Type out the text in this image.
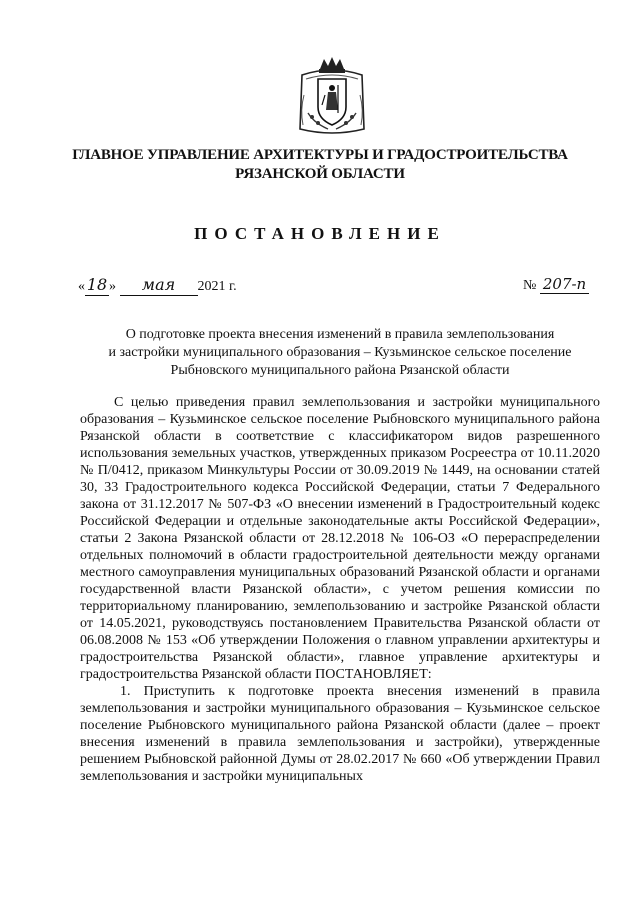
ГЛАВНОЕ УПРАВЛЕНИЕ АРХИТЕКТУРЫ И ГРАДОСТРОИТЕЛЬСТВА
РЯЗАНСКОЙ ОБЛАСТИ
ПОСТАНОВЛЕНИЕ
« 18 » мая 2021 г.	№ 207-п
О подготовке проекта внесения изменений в правила землепользования
и застройки муниципального образования – Кузьминское сельское поселение
Рыбновского муниципального района Рязанской области

С целью приведения правил землепользования и застройки муниципального образования – Кузьминское сельское поселение Рыбновского муниципального района Рязанской области в соответствие с классификатором видов разрешенного использования земельных участков, утвержденных приказом Росреестра от 10.11.2020 № П/0412, приказом Минкультуры России от 30.09.2019 № 1449, на основании статей 30, 33 Градостроительного кодекса Российской Федерации, статьи 7 Федерального закона от 31.12.2017 № 507-ФЗ «О внесении изменений в Градостроительный кодекс Российской Федерации и отдельные законодательные акты Российской Федерации», статьи 2 Закона Рязанской области от 28.12.2018 № 106-ОЗ «О перераспределении отдельных полномочий в области градостроительной деятельности между органами местного самоуправления муниципальных образований Рязанской области и органами государственной власти Рязанской области», с учетом решения комиссии по территориальному планированию, землепользованию и застройке Рязанской области от 14.05.2021, руководствуясь постановлением Правительства Рязанской области от 06.08.2008 № 153 «Об утверждении Положения о главном управлении архитектуры и градостроительства Рязанской области», главное управление архитектуры и градостроительства Рязанской области ПОСТАНОВЛЯЕТ:

1. Приступить к подготовке проекта внесения изменений в правила землепользования и застройки муниципального образования – Кузьминское сельское поселение Рыбновского муниципального района Рязанской области (далее – проект внесения изменений в правила землепользования и застройки), утвержденные решением Рыбновской районной Думы от 28.02.2017 № 660 «Об утверждении Правил землепользования и застройки муниципальных
